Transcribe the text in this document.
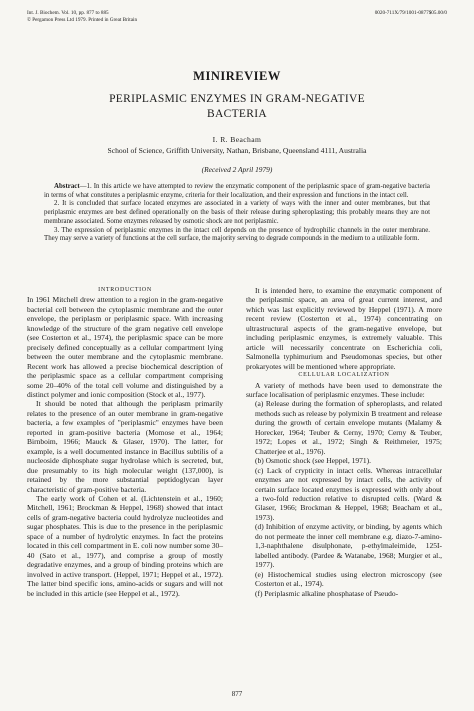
Int. J. Biochem. Vol. 10, pp. 877 to 885
© Pergamon Press Ltd 1979. Printed in Great Britain
0020-711X/79/1001-0877$05.00/0
MINIREVIEW
PERIPLASMIC ENZYMES IN GRAM-NEGATIVE
BACTERIA
I. R. Beacham
School of Science, Griffith University, Nathan, Brisbane, Queensland 4111, Australia
(Received 2 April 1979)

Abstract—1. In this article we have attempted to review the enzymatic component of the periplasmic space of gram-negative bacteria in terms of what constitutes a periplasmic enzyme, criteria for their localization, and their expression and functions in the intact cell.

2. It is concluded that surface located enzymes are associated in a variety of ways with the inner and outer membranes, but that periplasmic enzymes are best defined operationally on the basis of their release during spheroplasting; this probably means they are not membrane associated. Some enzymes released by osmotic shock are not periplasmic.

3. The expression of periplasmic enzymes in the intact cell depends on the presence of hydrophilic channels in the outer membrane. They may serve a variety of functions at the cell surface, the majority serving to degrade compounds in the medium to a utilizable form.

INTRODUCTION

In 1961 Mitchell drew attention to a region in the gram-negative bacterial cell between the cytoplasmic membrane and the outer envelope, the periplasm or periplasmic space. With increasing knowledge of the structure of the gram negative cell envelope (see Costerton et al., 1974), the periplasmic space can be more precisely defined conceptually as a cellular compartment lying between the outer membrane and the cytoplasmic membrane. Recent work has allowed a precise biochemical description of the periplasmic space as a cellular compartment comprising some 20–40% of the total cell volume and distinguished by a distinct polymer and ionic composition (Stock et al., 1977).

It should be noted that although the periplasm primarily relates to the presence of an outer membrane in gram-negative bacteria, a few examples of "periplasmic" enzymes have been reported in gram-positive bacteria (Momose et al., 1964; Birnboim, 1966; Mauck & Glaser, 1970). The latter, for example, is a well documented instance in Bacillus subtilis of a nucleoside diphosphate sugar hydrolase which is secreted, but, due presumably to its high molecular weight (137,000), is retained by the more substantial peptidoglycan layer characteristic of gram-positive bacteria.

The early work of Cohen et al. (Lichtenstein et al., 1960; Mitchell, 1961; Brockman & Heppel, 1968) showed that intact cells of gram-negative bacteria could hydrolyze nucleotides and sugar phosphates. This is due to the presence in the periplasmic space of a number of hydrolytic enzymes. In fact the proteins located in this cell compartment in E. coli now number some 30–40 (Sato et al., 1977), and comprise a group of mostly degradative enzymes, and a group of binding proteins which are involved in active transport. (Heppel, 1971; Heppel et al., 1972). The latter bind specific ions, amino-acids or sugars and will not be included in this article (see Heppel et al., 1972).

It is intended here, to examine the enzymatic component of the periplasmic space, an area of great current interest, and which was last explicitly reviewed by Heppel (1971). A more recent review (Costerton et al., 1974) concentrating on ultrastructural aspects of the gram-negative envelope, but including periplasmic enzymes, is extremely valuable. This article will necessarily concentrate on Escherichia coli, Salmonella typhimurium and Pseudomonas species, but other prokaryotes will be mentioned where appropriate.

CELLULAR LOCALIZATION

A variety of methods have been used to demonstrate the surface localisation of periplasmic enzymes. These include:

(a) Release during the formation of spheroplasts, and related methods such as release by polymixin B treatment and release during the growth of certain envelope mutants (Malamy & Horecker, 1964; Teuber & Cerny, 1970; Cerny & Teuber, 1972; Lopes et al., 1972; Singh & Reithmeier, 1975; Chatterjee et al., 1976).

(b) Osmotic shock (see Heppel, 1971).

(c) Lack of crypticity in intact cells. Whereas intracellular enzymes are not expressed by intact cells, the activity of certain surface located enzymes is expressed with only about a two-fold reduction relative to disrupted cells. (Ward & Glaser, 1966; Brockman & Heppel, 1968; Beacham et al., 1973).

(d) Inhibition of enzyme activity, or binding, by agents which do not permeate the inner cell membrane e.g. diazo-7-amino-1,3-naphthalene disulphonate, p-ethylmaleimide, 125I-labelled antibody. (Pardee & Watanabe, 1968; Murgier et al., 1977).

(e) Histochemical studies using electron microscopy (see Costerton et al., 1974).

(f) Periplasmic alkaline phosphatase of Pseudo-

877
